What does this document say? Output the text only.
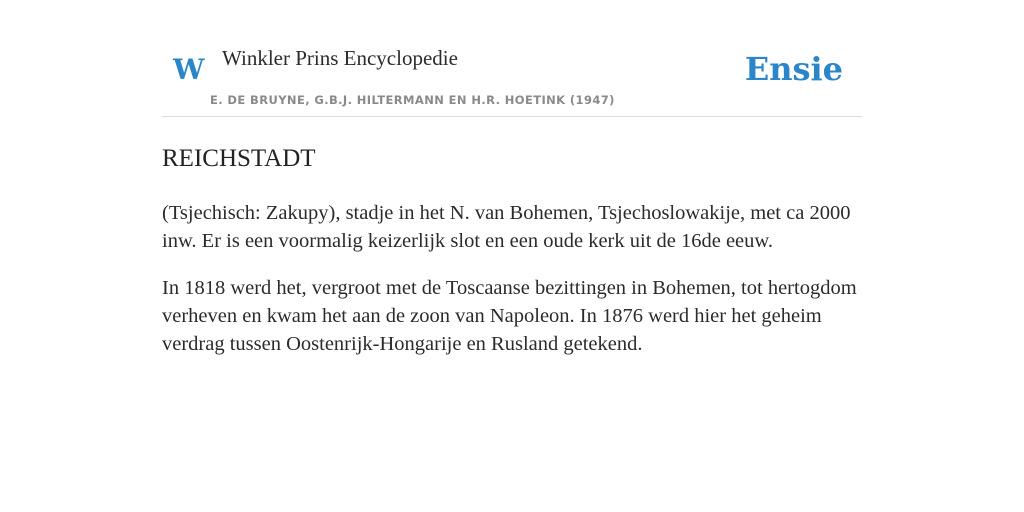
W Winkler Prins Encyclopedie
E. DE BRUYNE, G.B.J. HILTERMANN EN H.R. HOETINK (1947)
Ensie
REICHSTADT

(Tsjechisch: Zakupy), stadje in het N. van Bohemen, Tsjechoslowakije, met ca 2000 inw. Er is een voormalig keizerlijk slot en een oude kerk uit de 16de eeuw.

In 1818 werd het, vergroot met de Toscaanse bezittingen in Bohemen, tot hertogdom verheven en kwam het aan de zoon van Napoleon. In 1876 werd hier het geheim verdrag tussen Oostenrijk-Hongarije en Rusland getekend.
